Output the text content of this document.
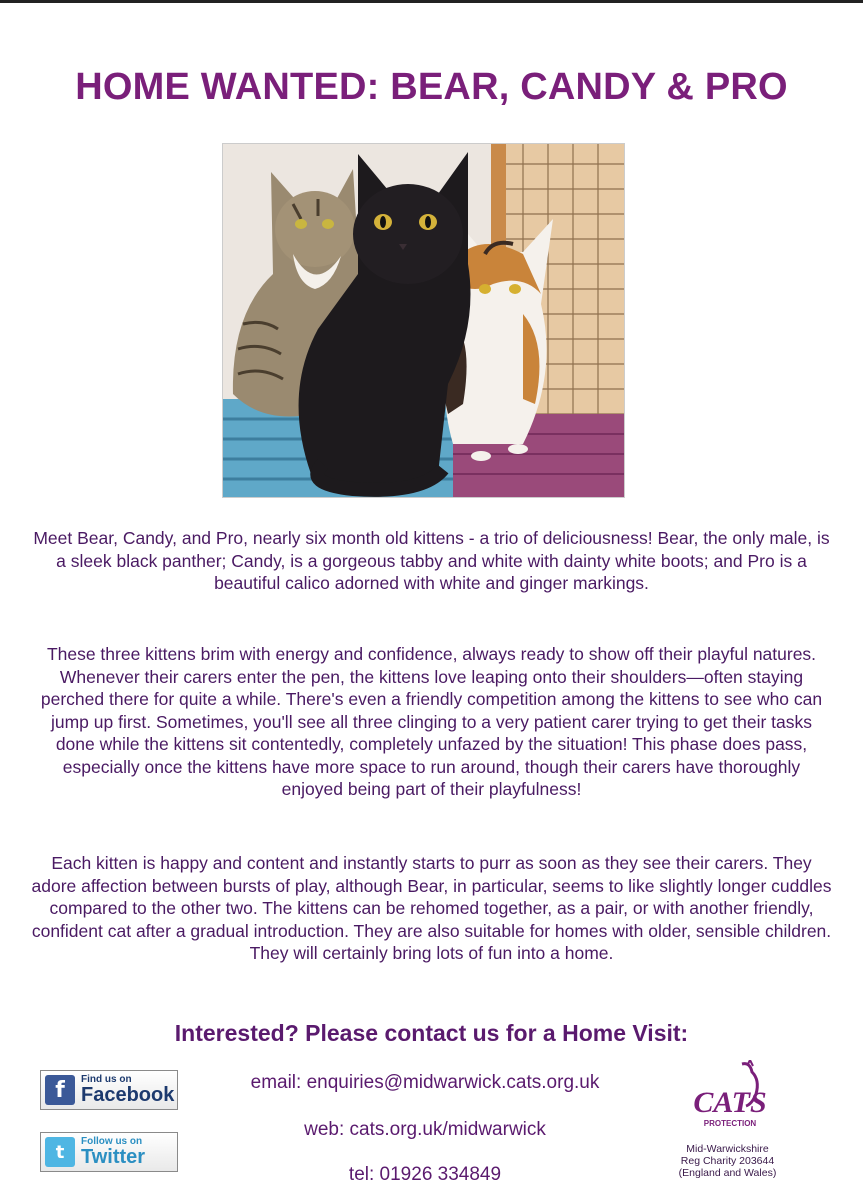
HOME WANTED: BEAR, CANDY & PRO
Meet Bear, Candy, and Pro, nearly six month old kittens - a trio of deliciousness! Bear, the only male, is a sleek black panther; Candy, is a gorgeous tabby and white with dainty white boots; and Pro is a beautiful calico adorned with white and ginger markings.
These three kittens brim with energy and confidence, always ready to show off their playful natures. Whenever their carers enter the pen, the kittens love leaping onto their shoulders—often staying perched there for quite a while. There's even a friendly competition among the kittens to see who can jump up first. Sometimes, you'll see all three clinging to a very patient carer trying to get their tasks done while the kittens sit contentedly, completely unfazed by the situation! This phase does pass, especially once the kittens have more space to run around, though their carers have thoroughly enjoyed being part of their playfulness!
Each kitten is happy and content and instantly starts to purr as soon as they see their carers. They adore affection between bursts of play, although Bear, in particular, seems to like slightly longer cuddles compared to the other two. The kittens can be rehomed together, as a pair, or with another friendly, confident cat after a gradual introduction. They are also suitable for homes with older, sensible children. They will certainly bring lots of fun into a home.
Interested? Please contact us for a Home Visit:
email: enquiries@midwarwick.cats.org.uk
web: cats.org.uk/midwarwick
tel: 01926 334849
f	Find us on
Facebook
t	Follow us on
Twitter
CATS
PROTECTION
Mid-Warwickshire
Reg Charity 203644
(England and Wales)
